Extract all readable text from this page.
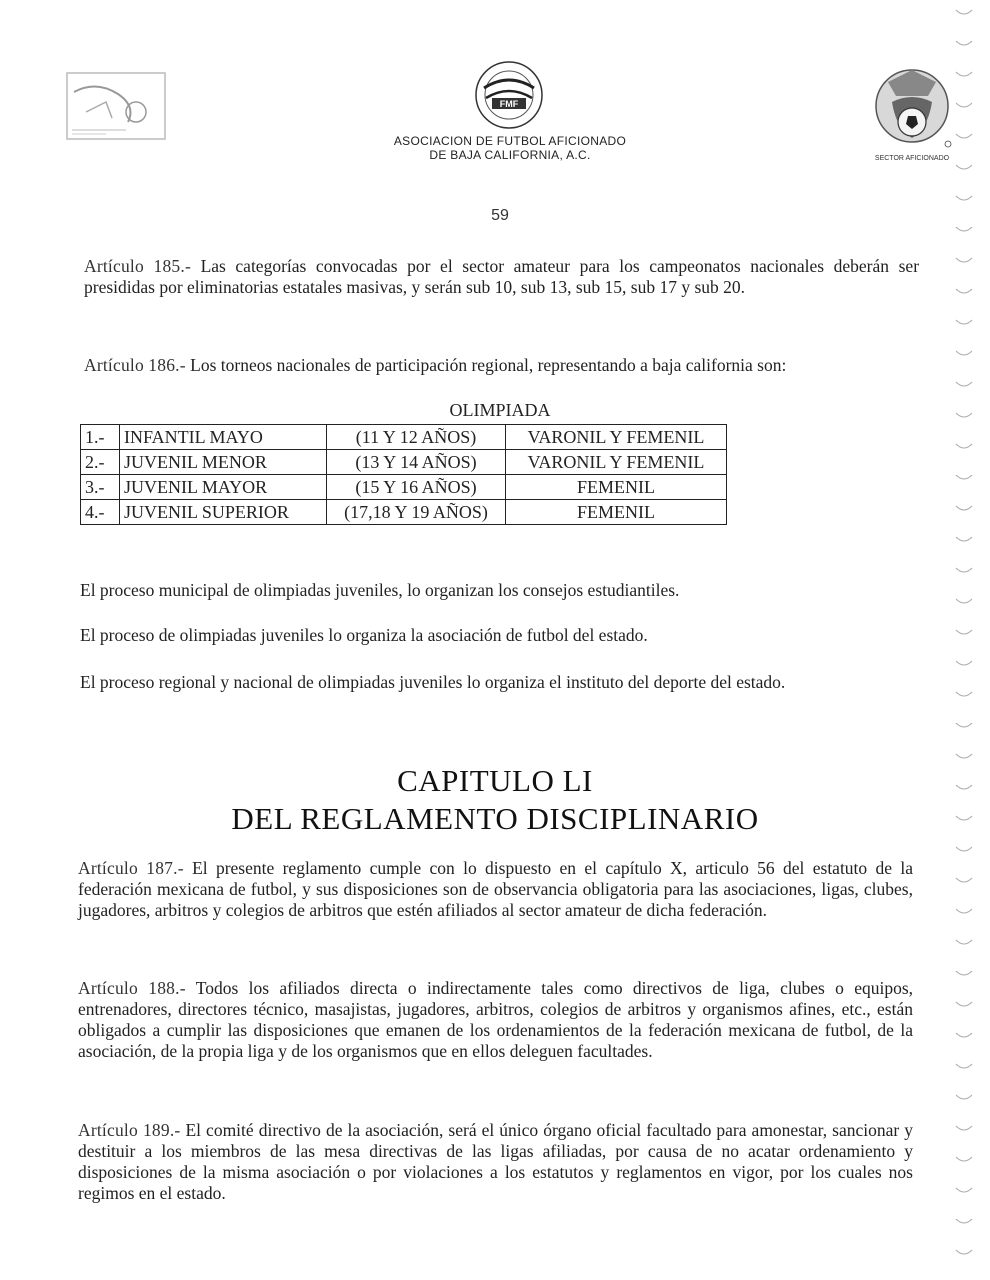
FMF
SECTOR AFICIONADO
ASOCIACION DE FUTBOL AFICIONADO
DE BAJA CALIFORNIA, A.C.
59

Artículo 185.- Las categorías convocadas por el sector amateur para los campeonatos nacionales deberán ser presididas por eliminatorias estatales masivas, y serán sub 10, sub 13, sub 15, sub 17 y sub 20.

Artículo 186.- Los torneos nacionales de participación regional, representando a baja california son:

OLIMPIADA
1.-	INFANTIL MAYO	(11 Y 12 AÑOS)	VARONIL Y FEMENIL
2.-	JUVENIL MENOR	(13 Y 14 AÑOS)	VARONIL Y FEMENIL
3.-	JUVENIL MAYOR	(15 Y 16 AÑOS)	FEMENIL
4.-	JUVENIL SUPERIOR	(17,18 Y 19 AÑOS)	FEMENIL

El proceso municipal de olimpiadas juveniles, lo organizan los consejos estudiantiles.

El proceso de olimpiadas juveniles lo organiza la asociación de futbol del estado.

El proceso regional y nacional de olimpiadas juveniles lo organiza el instituto del deporte del estado.

CAPITULO LI
DEL REGLAMENTO DISCIPLINARIO

Artículo 187.- El presente reglamento cumple con lo dispuesto en el capítulo X, articulo 56 del estatuto de la federación mexicana de futbol, y sus disposiciones son de observancia obligatoria para las asociaciones, ligas, clubes, jugadores, arbitros y colegios de arbitros que estén afiliados al sector amateur de dicha federación.

Artículo 188.- Todos los afiliados directa o indirectamente tales como directivos de liga, clubes o equipos, entrenadores, directores técnico, masajistas, jugadores, arbitros, colegios de arbitros y organismos afines, etc., están obligados a cumplir las disposiciones que emanen de los ordenamientos de la federación mexicana de futbol, de la asociación, de la propia liga y de los organismos que en ellos deleguen facultades.

Artículo 189.- El comité directivo de la asociación, será el único órgano oficial facultado para amonestar, sancionar y destituir a los miembros de las mesa directivas de las ligas afiliadas, por causa de no acatar ordenamiento y disposiciones de la misma asociación o por violaciones a los estatutos y reglamentos en vigor, por los cuales nos regimos en el estado.
